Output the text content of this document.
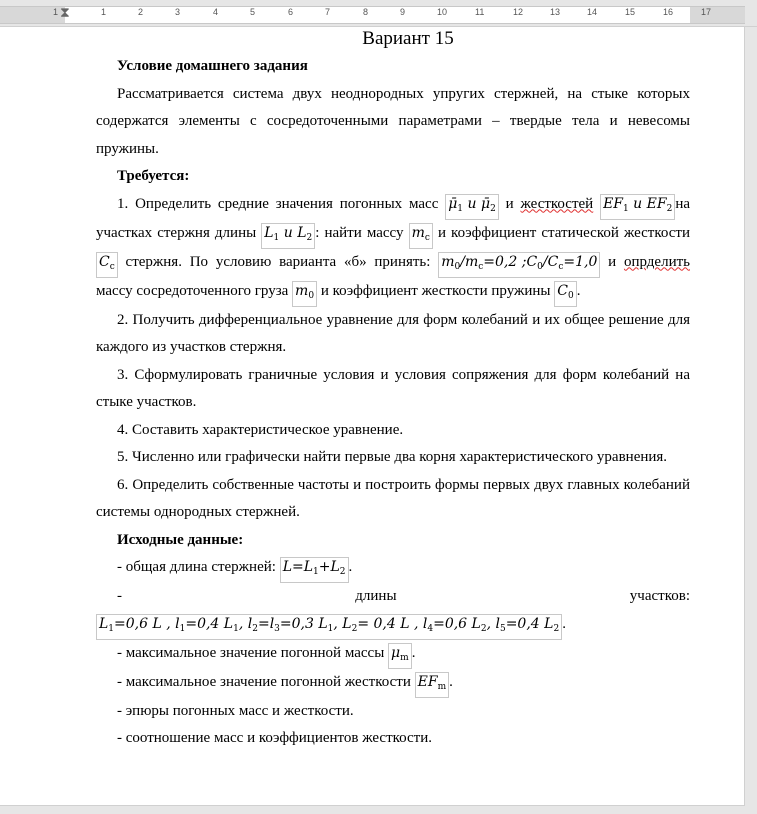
1	1	2	3	4	5	6	7	8	9	10	11	12	13	14	15	16	17
⧗
Вариант 15

Условие домашнего задания

Рассматривается система двух неоднородных упругих стержней, на стыке которых содержатся элементы с сосредоточенными параметрами – твердые тела и невесомы пружины.

Требуется:

1. Определить средние значения погонных масс $\mū_1$ u $\mū_2$ и жесткостей $EF_1$ u $EF_2$ на участках стержня длины $L_1$ u $L_2$ : найти массу $m_c$ и коэффициент статической жесткости $C_c$ стержня. По условию варианта «б» принять: $m_0/m_c=0,2$ $;C_0/C_c=1,0$ и опрделить массу сосредоточенного груза $m_0$ и коэффициент жесткости пружины $C_0$ .

2. Получить дифференциальное уравнение для форм колебаний и их общее решение для каждого из участков стержня.

3. Сформулировать граничные условия и условия сопряжения для форм колебаний на стыке участков.

4. Составить характеристическое уравнение.

5. Численно или графически найти первые два корня характеристического уравнения.

6. Определить собственные частоты и построить формы первых двух главных колебаний системы однородных стержней.

Исходные данные:

- общая длина стержней: $L=L_1+L_2$ .

- длины участков: $L_1=0,6$ L , $l_1=0,4$ $L_1$, $l_2=l_3=0,3$ $L_1$, $L_2= 0,4$ L , $l_4=0,6$ $L_2$, $l_5=0,4$ $L_2$ .

- максимальное значение погонной массы $\mu_m$ .

- максимальное значение погонной жесткости $EF_m$ .

- эпюры погонных масс и жесткости.

- соотношение масс и коэффициентов жесткости.
